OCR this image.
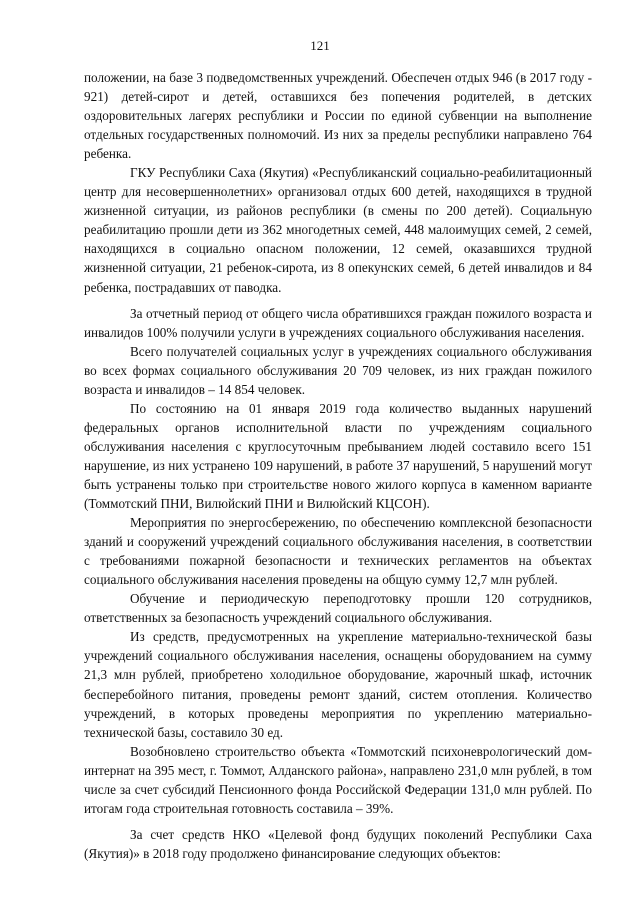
121

положении, на базе 3 подведомственных учреждений. Обеспечен отдых 946 (в 2017 году - 921) детей-сирот и детей, оставшихся без попечения родителей, в детских оздоровительных лагерях республики и России по единой субвенции на выполнение отдельных государственных полномочий. Из них за пределы республики направлено 764 ребенка.

ГКУ Республики Саха (Якутия) «Республиканский социально-реабилитационный центр для несовершеннолетних» организовал отдых 600 детей, находящихся в трудной жизненной ситуации, из районов республики (в смены по 200 детей). Социальную реабилитацию прошли дети из 362 многодетных семей, 448 малоимущих семей, 2 семей, находящихся в социально опасном положении, 12 семей, оказавшихся трудной жизненной ситуации, 21 ребенок-сирота, из 8 опекунских семей, 6 детей инвалидов и 84 ребенка, пострадавших от паводка.

За отчетный период от общего числа обратившихся граждан пожилого возраста и инвалидов 100% получили услуги в учреждениях социального обслуживания населения.

Всего получателей социальных услуг в учреждениях социального обслуживания во всех формах социального обслуживания 20 709 человек, из них граждан пожилого возраста и инвалидов – 14 854 человек.

По состоянию на 01 января 2019 года количество выданных нарушений федеральных органов исполнительной власти по учреждениям социального обслуживания населения с круглосуточным пребыванием людей составило всего 151 нарушение, из них устранено 109 нарушений, в работе 37 нарушений, 5 нарушений могут быть устранены только при строительстве нового жилого корпуса в каменном варианте (Томмотский ПНИ, Вилюйский ПНИ и Вилюйский КЦСОН).

Мероприятия по энергосбережению, по обеспечению комплексной безопасности зданий и сооружений учреждений социального обслуживания населения, в соответствии с требованиями пожарной безопасности и технических регламентов на объектах социального обслуживания населения проведены на общую сумму 12,7 млн рублей.

Обучение и периодическую переподготовку прошли 120 сотрудников, ответственных за безопасность учреждений социального обслуживания.

Из средств, предусмотренных на укрепление материально-технической базы учреждений социального обслуживания населения, оснащены оборудованием на сумму 21,3 млн рублей, приобретено холодильное оборудование, жарочный шкаф, источник бесперебойного питания, проведены ремонт зданий, систем отопления. Количество учреждений, в которых проведены мероприятия по укреплению материально-технической базы, составило 30 ед.

Возобновлено строительство объекта «Томмотский психоневрологический дом-интернат на 395 мест, г. Томмот, Алданского района», направлено 231,0 млн рублей, в том числе за счет субсидий Пенсионного фонда Российской Федерации 131,0 млн рублей. По итогам года строительная готовность составила – 39%.

За счет средств НКО «Целевой фонд будущих поколений Республики Саха (Якутия)» в 2018 году продолжено финансирование следующих объектов:
